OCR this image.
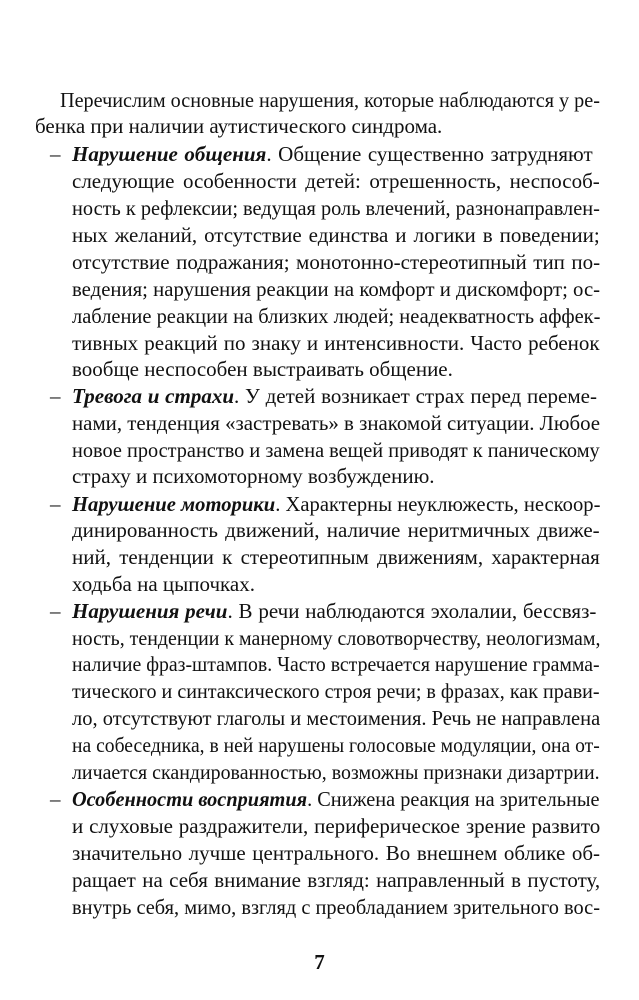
Перечислим основные нарушения, которые наблюдаются у ре-
бенка при наличии аутистического синдрома.
– Нарушение общения. Общение существенно затрудняют
следующие особенности детей: отрешенность, неспособ-
ность к рефлексии; ведущая роль влечений, разнонаправлен-
ных желаний, отсутствие единства и логики в поведении;
отсутствие подражания; монотонно-стереотипный тип по-
ведения; нарушения реакции на комфорт и дискомфорт; ос-
лабление реакции на близких людей; неадекватность аффек-
тивных реакций по знаку и интенсивности. Часто ребенок
вообще неспособен выстраивать общение.
– Тревога и страхи. У детей возникает страх перед переме-
нами, тенденция «застревать» в знакомой ситуации. Любое
новое пространство и замена вещей приводят к паническому
страху и психомоторному возбуждению.
– Нарушение моторики. Характерны неуклюжесть, нескоор-
динированность движений, наличие неритмичных движе-
ний, тенденции к стереотипным движениям, характерная
ходьба на цыпочках.
– Нарушения речи. В речи наблюдаются эхолалии, бессвяз-
ность, тенденции к манерному словотворчеству, неологизмам,
наличие фраз-штампов. Часто встречается нарушение грамма-
тического и синтаксического строя речи; в фразах, как прави-
ло, отсутствуют глаголы и местоимения. Речь не направлена
на собеседника, в ней нарушены голосовые модуляции, она от-
личается скандированностью, возможны признаки дизартрии.
– Особенности восприятия. Снижена реакция на зрительные
и слуховые раздражители, периферическое зрение развито
значительно лучше центрального. Во внешнем облике об-
ращает на себя внимание взгляд: направленный в пустоту,
внутрь себя, мимо, взгляд с преобладанием зрительного вос-
7
